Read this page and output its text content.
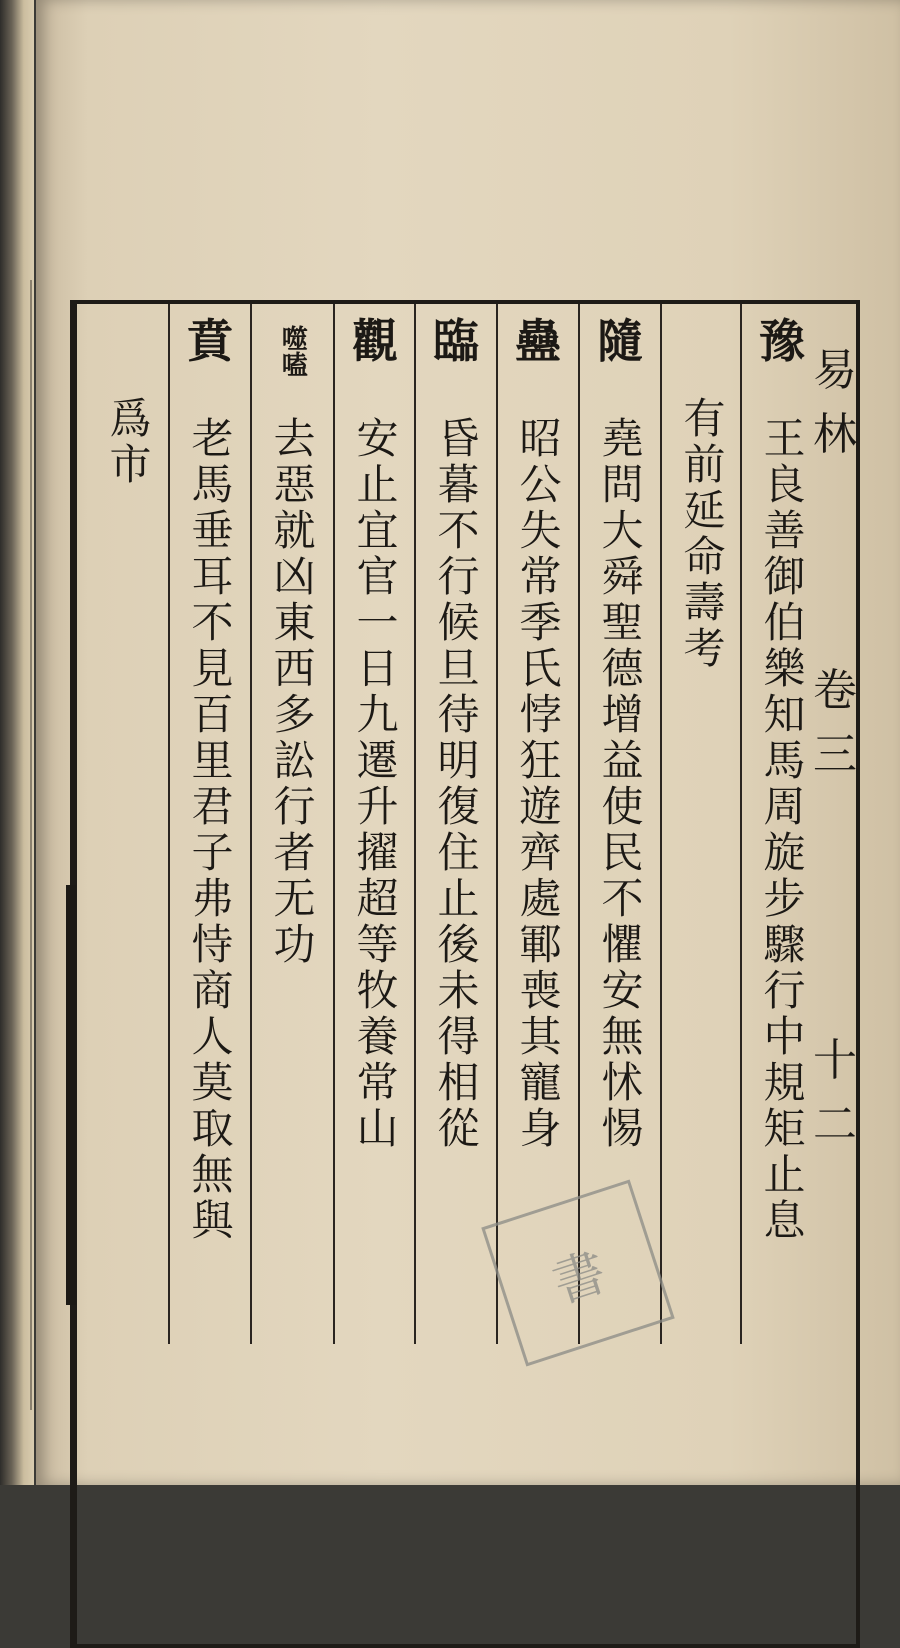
易林
卷三
十二
豫
王良善御伯樂知馬周旋步驟行中規矩止息
有前延命壽考
隨
堯問大舜聖德增益使民不懼安無怵惕
蠱
昭公失常季氏悖狂遊齊處鄆喪其寵身
臨
昏暮不行候旦待明復住止後未得相從
觀
安止宜官一日九遷升擢超等牧養常山
噬嗑
去惡就凶東西多訟行者无功
賁
老馬垂耳不見百里君子弗恃商人莫取無與
爲市
書
